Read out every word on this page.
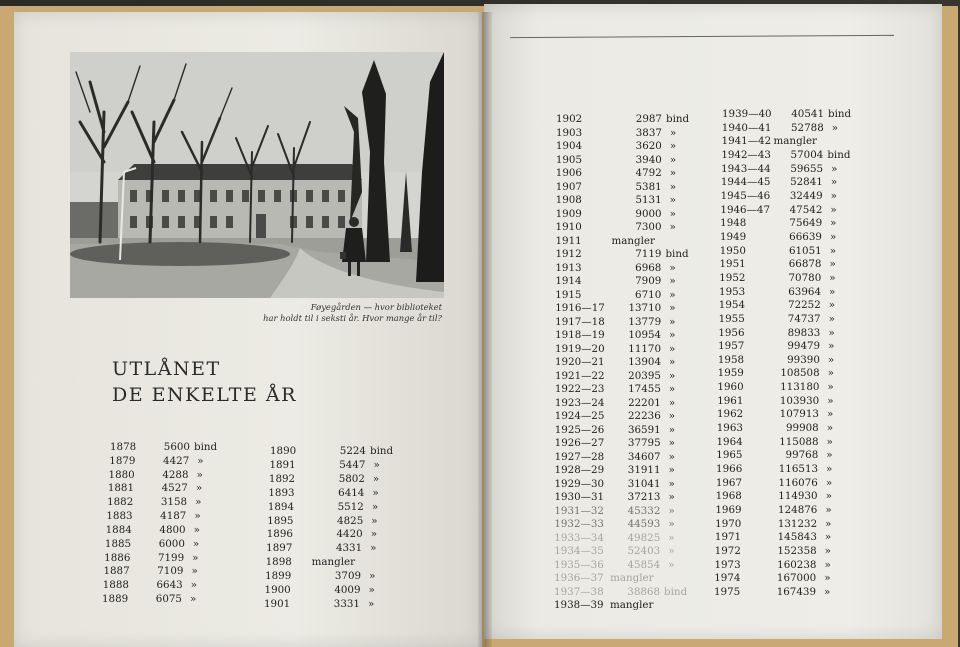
Føyegården — hvor biblioteket
har holdt til i seksti år. Hvor mange år til?
UTLÅNET
DE ENKELTE ÅR
1878	5600 bind
1879	4427 »
1880	4288 »
1881	4527 »
1882	3158 »
1883	4187 »
1884	4800 »
1885	6000 »
1886	7199 »
1887	7109 »
1888	6643 »
1889	6075 »
1890	5224 bind
1891	5447 »
1892	5802 »
1893	6414 »
1894	5512 »
1895	4825 »
1896	4420 »
1897	4331 »
1898 mangler
1899	3709 »
1900	4009 »
1901	3331 »
1902	2987 bind
1903	3837 »
1904	3620 »
1905	3940 »
1906	4792 »
1907	5381 »
1908	5131 »
1909	9000 »
1910	7300 »
1911	mangler
1912	7119 bind
1913	6968 »
1914	7909 »
1915	6710 »
1916—17 13710 »
1917—18 13779 »
1918—19 10954 »
1919—20 11170 »
1920—21 13904 »
1921—22 20395 »
1922—23 17455 »
1923—24 22201 »
1924—25 22236 »
1925—26 36591 »
1926—27 37795 »
1927—28 34607 »
1928—29 31911 »
1929—30 31041 »
1930—31 37213 »
1931—32 45332 »
1932—33 44593 »
1933—34 49825 »
1934—35 52403 »
1935—36 45854 »
1936—37 mangler
1937—38 38868 bind
1938—39 mangler
1939—40 40541 bind
1940—41 52788 »
1941—42 mangler
1942—43 57004 bind
1943—44 59655 »
1944—45 52841 »
1945—46 32449 »
1946—47 47542 »
1948	75649 »
1949	66639 »
1950	61051 »
1951	66878 »
1952	70780 »
1953	63964 »
1954	72252 »
1955	74737 »
1956	89833 »
1957	99479 »
1958	99390 »
1959	108508 »
1960	113180 »
1961	103930 »
1962	107913 »
1963	99908 »
1964	115088 »
1965	99768 »
1966	116513 »
1967	116076 »
1968	114930 »
1969	124876 »
1970	131232 »
1971	145843 »
1972	152358 »
1973	160238 »
1974	167000 »
1975	167439 »
